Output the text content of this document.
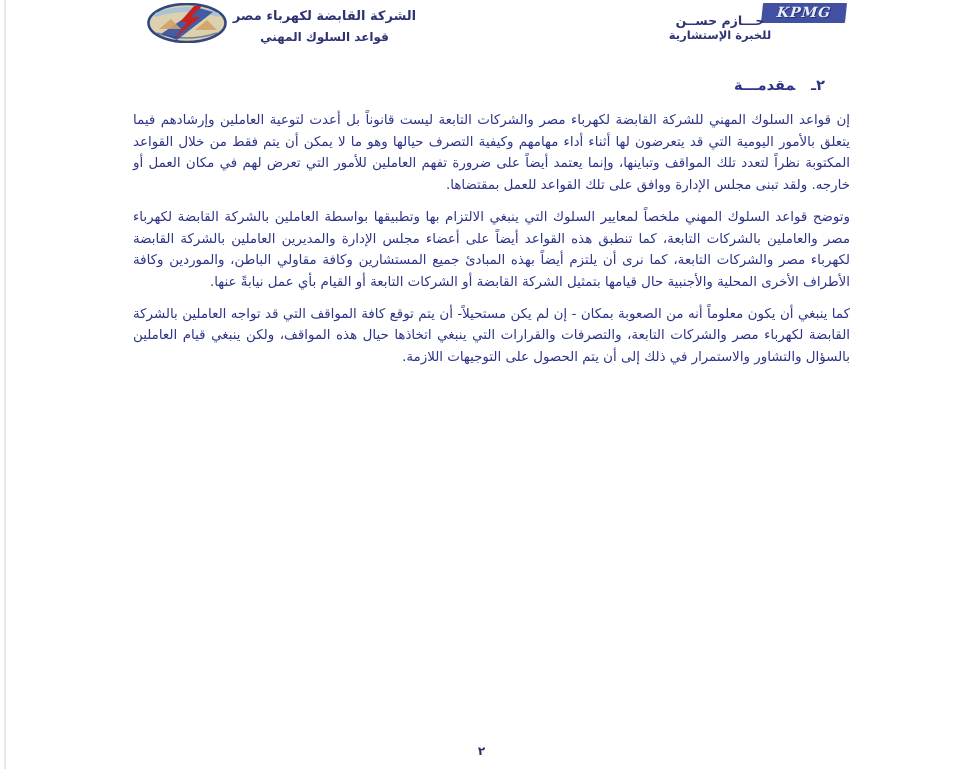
الشركة القابضة لكهرباء مصر
قواعد السلوك المهني
KPMG
حـــازم حســن
للخبرة الإستشارية
٢ـمقدمـــة

إن قواعد السلوك المهني للشركة القابضة لكهرباء مصر والشركات التابعة ليست قانوناً بل أعدت لتوعية العاملين وإرشادهم فيما يتعلق بالأمور اليومية التي قد يتعرضون لها أثناء أداء مهامهم وكيفية التصرف حيالها وهو ما لا يمكن أن يتم فقط من خلال القواعد المكتوبة نظراً لتعدد تلك المواقف وتباينها، وإنما يعتمد أيضاً على ضرورة تفهم العاملين للأمور التي تعرض لهم في مكان العمل أو خارجه. ولقد تبنى مجلس الإدارة ووافق على تلك القواعد للعمل بمقتضاها.

وتوضح قواعد السلوك المهني ملخصاً لمعايير السلوك التي ينبغي الالتزام بها وتطبيقها بواسطة العاملين بالشركة القابضة لكهرباء مصر والعاملين بالشركات التابعة، كما تنطبق هذه القواعد أيضاً على أعضاء مجلس الإدارة والمديرين العاملين بالشركة القابضة لكهرباء مصر والشركات التابعة، كما نرى أن يلتزم أيضاً بهذه المبادئ جميع المستشارين وكافة مقاولي الباطن، والموردين وكافة الأطراف الأخرى المحلية والأجنبية حال قيامها بتمثيل الشركة القابضة أو الشركات التابعة أو القيام بأي عمل نيابةً عنها.

كما ينبغي أن يكون معلوماً أنه من الصعوبة بمكان - إن لم يكن مستحيلاً- أن يتم توقع كافة المواقف التي قد تواجه العاملين بالشركة القابضة لكهرباء مصر والشركات التابعة، والتصرفات والقرارات التي ينبغي اتخاذها حيال هذه المواقف، ولكن ينبغي قيام العاملين بالسؤال والتشاور والاستمرار في ذلك إلى أن يتم الحصول على التوجيهات اللازمة.

٢
